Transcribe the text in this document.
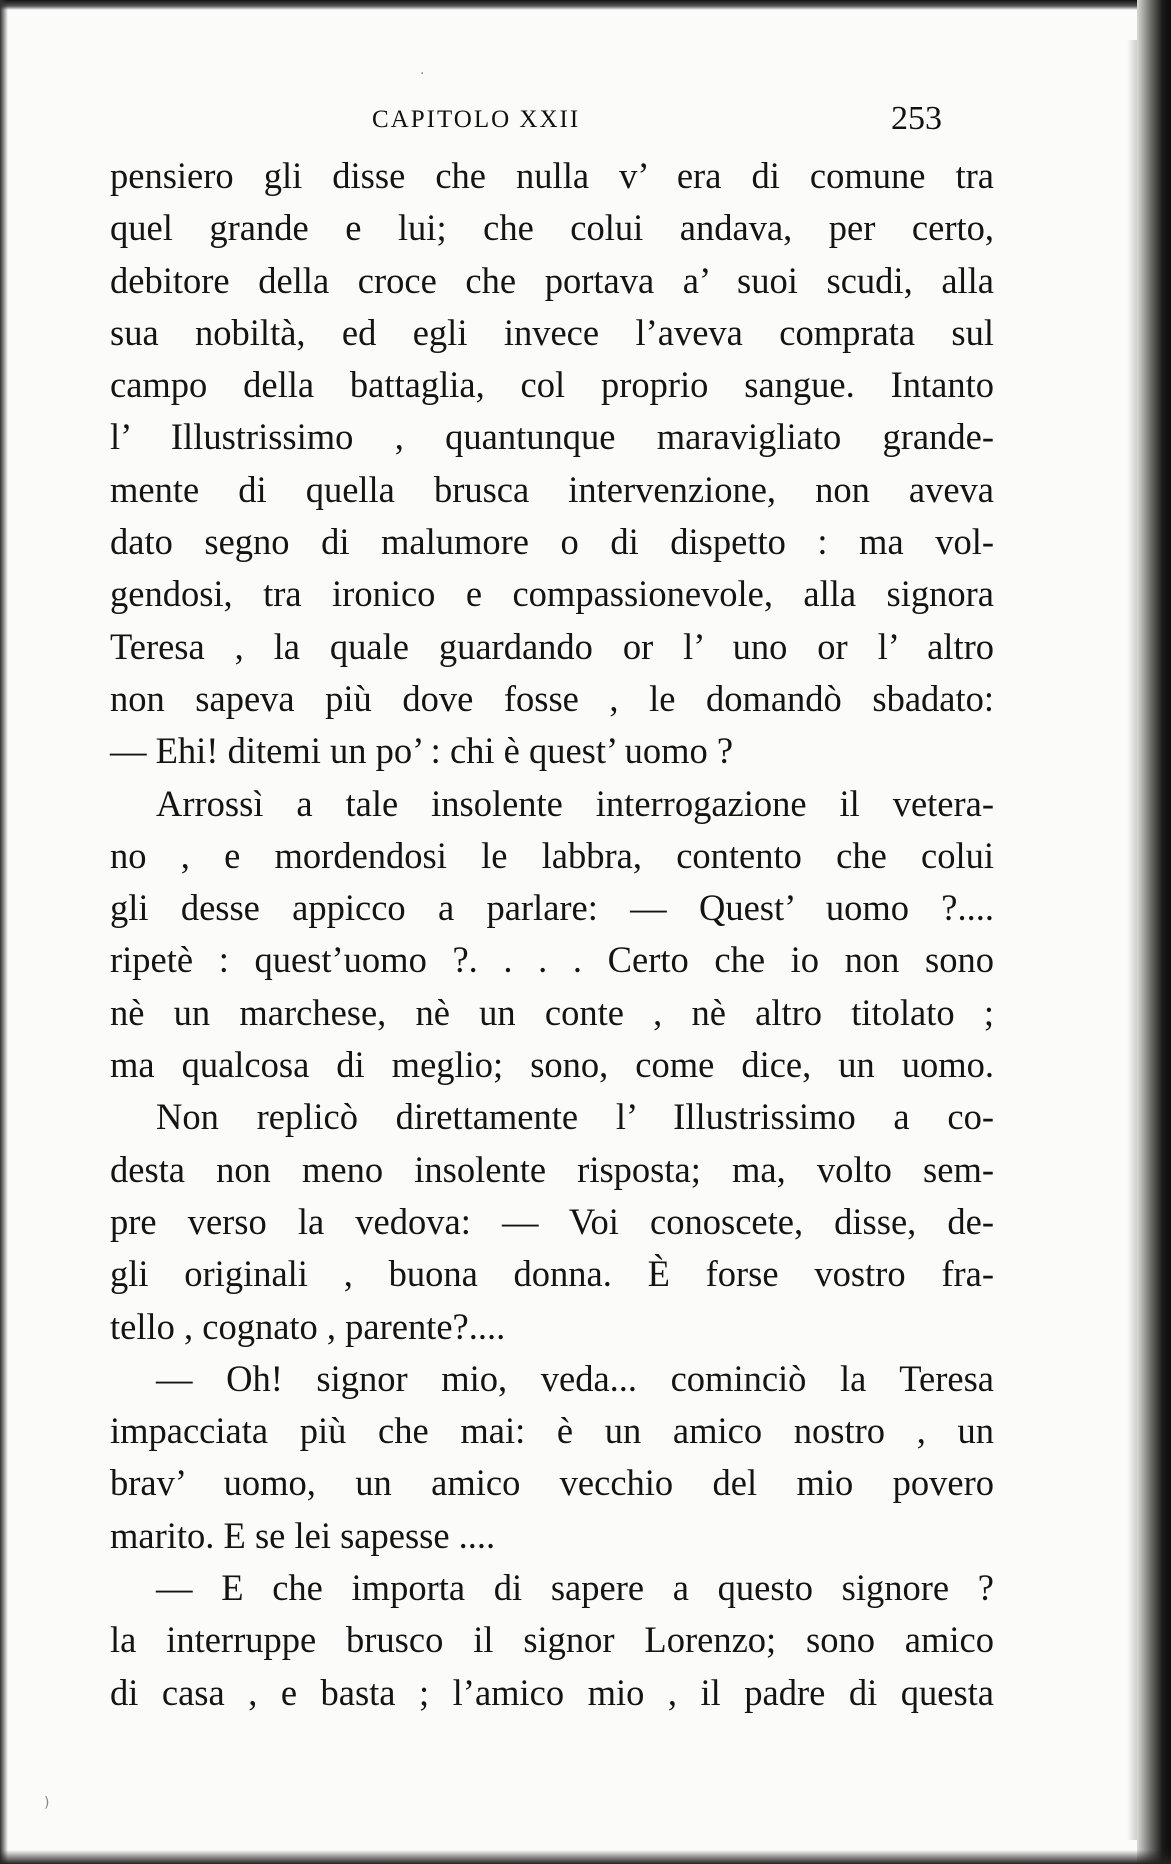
CAPITOLO XXII	253
pensiero gli disse che nulla v’ era di comune tra
quel grande e lui; che colui andava, per certo,
debitore della croce che portava a’ suoi scudi, alla
sua nobiltà, ed egli invece l’aveva comprata sul
campo della battaglia, col proprio sangue. Intanto
l’ Illustrissimo , quantunque maravigliato grande-
mente di quella brusca intervenzione, non aveva
dato segno di malumore o di dispetto : ma vol-
gendosi, tra ironico e compassionevole, alla signora
Teresa , la quale guardando or l’ uno or l’ altro
non sapeva più dove fosse , le domandò sbadato:
— Ehi! ditemi un po’ : chi è quest’ uomo ?
Arrossì a tale insolente interrogazione il vetera-
no , e mordendosi le labbra, contento che colui
gli desse appicco a parlare: — Quest’ uomo ?....
ripetè : quest’uomo ?. . . . Certo che io non sono
nè un marchese, nè un conte , nè altro titolato ;
ma qualcosa di meglio; sono, come dice, un uomo.
Non replicò direttamente l’ Illustrissimo a co-
desta non meno insolente risposta; ma, volto sem-
pre verso la vedova: — Voi conoscete, disse, de-
gli originali , buona donna. È forse vostro fra-
tello , cognato , parente?....
— Oh! signor mio, veda... cominciò la Teresa
impacciata più che mai: è un amico nostro , un
brav’ uomo, un amico vecchio del mio povero
marito. E se lei sapesse ....
— E che importa di sapere a questo signore ?
la interruppe brusco il signor Lorenzo; sono amico
di casa , e basta ; l’amico mio , il padre di questa
·
)
